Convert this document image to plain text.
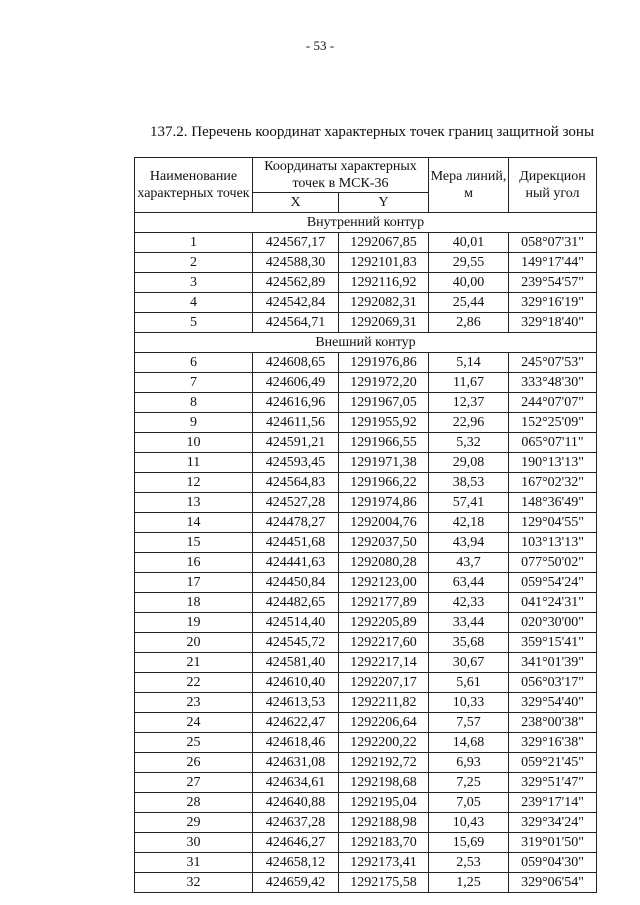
- 53 -
137.2. Перечень координат характерных точек границ защитной зоны
Наименование характерных точек	Координаты характерных точек в МСК-36		Мера линий, м	Дирекцион ный угол
	X	Y		
Внутренний контур				
1	424567,17	1292067,85	40,01	058°07'31"
2	424588,30	1292101,83	29,55	149°17'44"
3	424562,89	1292116,92	40,00	239°54'57"
4	424542,84	1292082,31	25,44	329°16'19"
5	424564,71	1292069,31	2,86	329°18'40"
Внешний контур				
6	424608,65	1291976,86	5,14	245°07'53"
7	424606,49	1291972,20	11,67	333°48'30"
8	424616,96	1291967,05	12,37	244°07'07"
9	424611,56	1291955,92	22,96	152°25'09"
10	424591,21	1291966,55	5,32	065°07'11"
11	424593,45	1291971,38	29,08	190°13'13"
12	424564,83	1291966,22	38,53	167°02'32"
13	424527,28	1291974,86	57,41	148°36'49"
14	424478,27	1292004,76	42,18	129°04'55"
15	424451,68	1292037,50	43,94	103°13'13"
16	424441,63	1292080,28	43,7	077°50'02"
17	424450,84	1292123,00	63,44	059°54'24"
18	424482,65	1292177,89	42,33	041°24'31"
19	424514,40	1292205,89	33,44	020°30'00"
20	424545,72	1292217,60	35,68	359°15'41"
21	424581,40	1292217,14	30,67	341°01'39"
22	424610,40	1292207,17	5,61	056°03'17"
23	424613,53	1292211,82	10,33	329°54'40"
24	424622,47	1292206,64	7,57	238°00'38"
25	424618,46	1292200,22	14,68	329°16'38"
26	424631,08	1292192,72	6,93	059°21'45"
27	424634,61	1292198,68	7,25	329°51'47"
28	424640,88	1292195,04	7,05	239°17'14"
29	424637,28	1292188,98	10,43	329°34'24"
30	424646,27	1292183,70	15,69	319°01'50"
31	424658,12	1292173,41	2,53	059°04'30"
32	424659,42	1292175,58	1,25	329°06'54"
